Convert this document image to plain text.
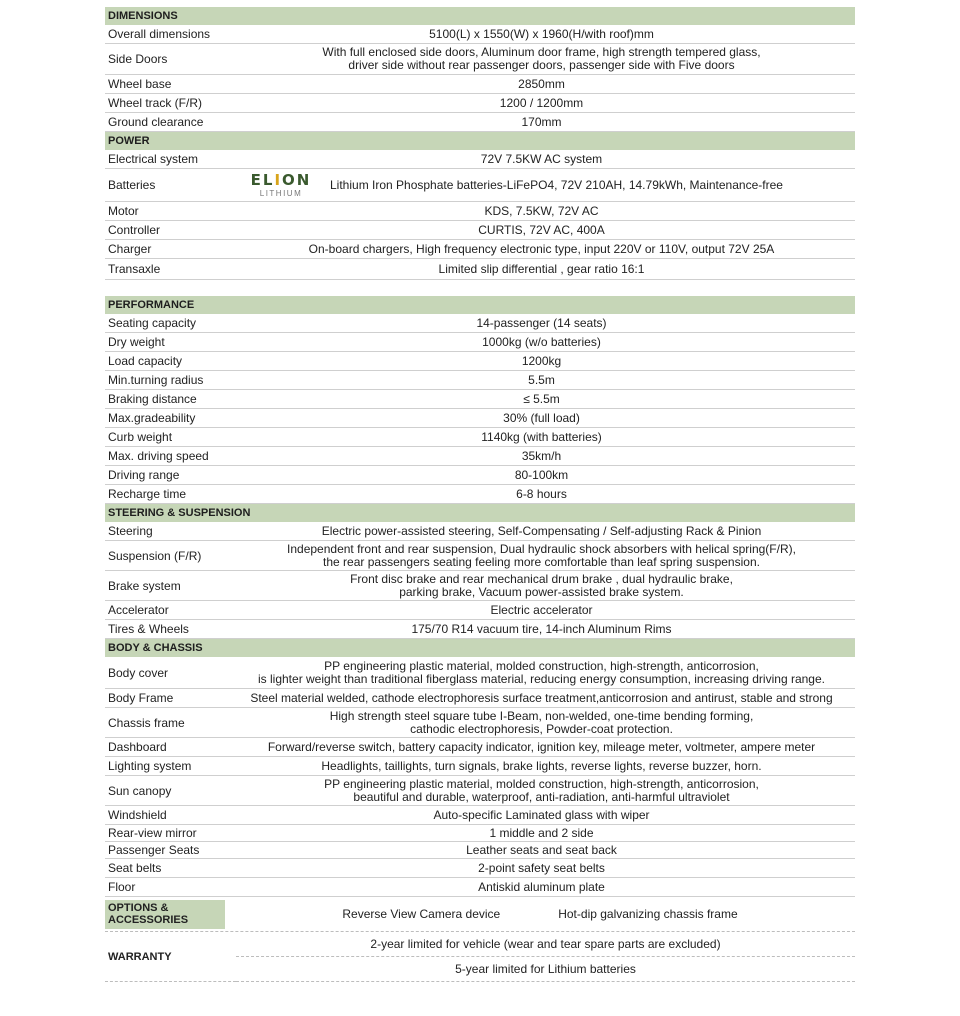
DIMENSIONS
Overall dimensions	5100(L) x 1550(W) x 1960(H/with roof)mm
Side Doors	With full enclosed side doors, Aluminum door frame, high strength tempered glass,
driver side without rear passenger doors, passenger side with Five doors
Wheel base	2850mm
Wheel track (F/R)	1200 / 1200mm
Ground clearance	170mm
POWER
Electrical system	72V 7.5KW AC system
Batteries	ELION
LITHIUM
Lithium Iron Phosphate batteries-LiFePO4, 72V 210AH, 14.79kWh, Maintenance-free
Motor	KDS, 7.5KW, 72V AC
Controller	CURTIS, 72V AC, 400A
Charger	On-board chargers, High frequency electronic type, input 220V or 110V, output 72V 25A
Transaxle	Limited slip differential , gear ratio 16:1
PERFORMANCE
Seating capacity	14-passenger (14 seats)
Dry weight	1000kg (w/o batteries)
Load capacity	1200kg
Min.turning radius	5.5m
Braking distance	≤ 5.5m
Max.gradeability	30% (full load)
Curb weight	1140kg (with batteries)
Max. driving speed	35km/h
Driving range	80-100km
Recharge time	6-8 hours
STEERING & SUSPENSION
Steering	Electric power-assisted steering, Self-Compensating / Self-adjusting Rack & Pinion
Suspension (F/R)	Independent front and rear suspension, Dual hydraulic shock absorbers with helical spring(F/R),
the rear passengers seating feeling more comfortable than leaf spring suspension.
Brake system	Front disc brake and rear mechanical drum brake , dual hydraulic brake,
parking brake, Vacuum power-assisted brake system.
Accelerator	Electric accelerator
Tires & Wheels	175/70 R14 vacuum tire, 14-inch Aluminum Rims
BODY & CHASSIS
Body cover	PP engineering plastic material, molded construction, high-strength, anticorrosion,
is lighter weight than traditional fiberglass material, reducing energy consumption, increasing driving range.
Body Frame	Steel material welded, cathode electrophoresis surface treatment,anticorrosion and antirust, stable and strong
Chassis frame	High strength steel square tube I-Beam, non-welded, one-time bending forming,
cathodic electrophoresis, Powder-coat protection.
Dashboard	Forward/reverse switch, battery capacity indicator, ignition key, mileage meter, voltmeter, ampere meter
Lighting system	Headlights, taillights, turn signals, brake lights, reverse lights, reverse buzzer, horn.
Sun canopy	PP engineering plastic material, molded construction, high-strength, anticorrosion,
beautiful and durable, waterproof, anti-radiation, anti-harmful ultraviolet
Windshield	Auto-specific Laminated glass with wiper
Rear-view mirror	1 middle and 2 side
Passenger Seats	Leather seats and seat back
Seat belts	2-point safety seat belts
Floor	Antiskid aluminum plate
OPTIONS &
ACCESSORIES	Reverse View Camera device	Hot-dip galvanizing chassis frame
WARRANTY
2-year limited for vehicle (wear and tear spare parts are excluded)
5-year limited for Lithium batteries
